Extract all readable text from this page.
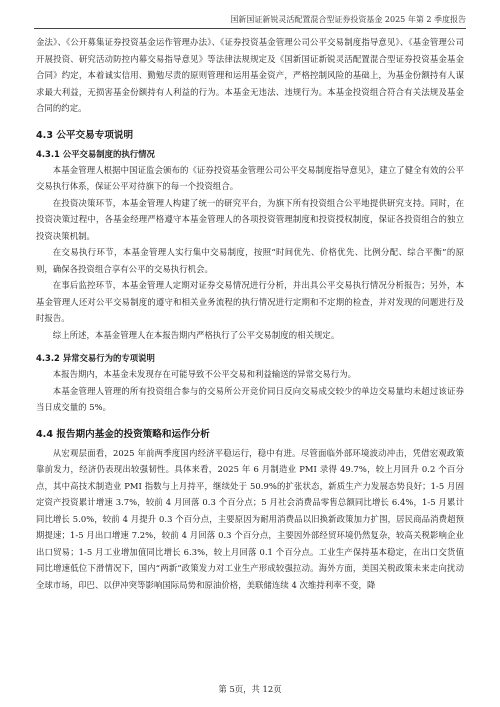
国新国证新锐灵活配置混合型证券投资基金 2025 年第 2 季度报告

金法》、《公开募集证券投资基金运作管理办法》、《证券投资基金管理公司公平交易制度指导意见》、《基金管理公司开展投资、研究活动防控内幕交易指导意见》等法律法规规定及《国新国证新锐灵活配置混合型证券投资基金基金合同》约定，本着诚实信用、勤勉尽责的原则管理和运用基金资产，严格控制风险的基础上，为基金份额持有人谋求最大利益，无损害基金份额持有人利益的行为。本基金无违法、违规行为。本基金投资组合符合有关法规及基金合同的约定。

4.3 公平交易专项说明
4.3.1 公平交易制度的执行情况

本基金管理人根据中国证监会颁布的《证券投资基金管理公司公平交易制度指导意见》，建立了健全有效的公平交易执行体系，保证公平对待旗下的每一个投资组合。

在投资决策环节，本基金管理人构建了统一的研究平台，为旗下所有投资组合公平地提供研究支持。同时，在投资决策过程中，各基金经理严格遵守本基金管理人的各项投资管理制度和投资授权制度，保证各投资组合的独立投资决策机制。

在交易执行环节，本基金管理人实行集中交易制度，按照“时间优先、价格优先、比例分配、综合平衡”的原则，确保各投资组合享有公平的交易执行机会。

在事后监控环节，本基金管理人定期对证券交易情况进行分析，并出具公平交易执行情况分析报告；另外，本基金管理人还对公平交易制度的遵守和相关业务流程的执行情况进行定期和不定期的检查，并对发现的问题进行及时报告。

综上所述，本基金管理人在本报告期内严格执行了公平交易制度的相关规定。

4.3.2 异常交易行为的专项说明

本报告期内，本基金未发现存在可能导致不公平交易和利益输送的异常交易行为。

本基金管理人管理的所有投资组合参与的交易所公开竞价同日反向交易成交较少的单边交易量均未超过该证券当日成交量的 5%。

4.4 报告期内基金的投资策略和运作分析

从宏观层面看，2025 年前两季度国内经济平稳运行，稳中有进。尽管面临外部环境波动冲击，凭借宏观政策靠前发力，经济仍表现出较强韧性。具体来看，2025 年 6 月制造业 PMI 录得 49.7%，较上月回升 0.2 个百分点，其中高技术制造业 PMI 指数与上月持平，继续处于 50.9%的扩张状态，新质生产力发展态势良好；1-5 月固定资产投资累计增速 3.7%，较前 4 月回落 0.3 个百分点；5 月社会消费品零售总额同比增长 6.4%，1-5 月累计同比增长 5.0%，较前 4 月提升 0.3 个百分点，主要原因为耐用消费品以旧换新政策加力扩围，居民商品消费超预期提速；1-5 月出口增速 7.2%，较前 4 月回落 0.3 个百分点，主要因外部经贸环境仍然复杂，较高关税影响企业出口贸易；1-5 月工业增加值同比增长 6.3%，较上月回落 0.1 个百分点。工业生产保持基本稳定，在出口交货值同比增速低位下滑情况下，国内“两新”政策发力对工业生产形成较强拉动。海外方面，美国关税政策未来走向扰动全球市场，印巴、以伊冲突等影响国际局势和原油价格，美联储连续 4 次维持利率不变，降

第 5页，共 12页
